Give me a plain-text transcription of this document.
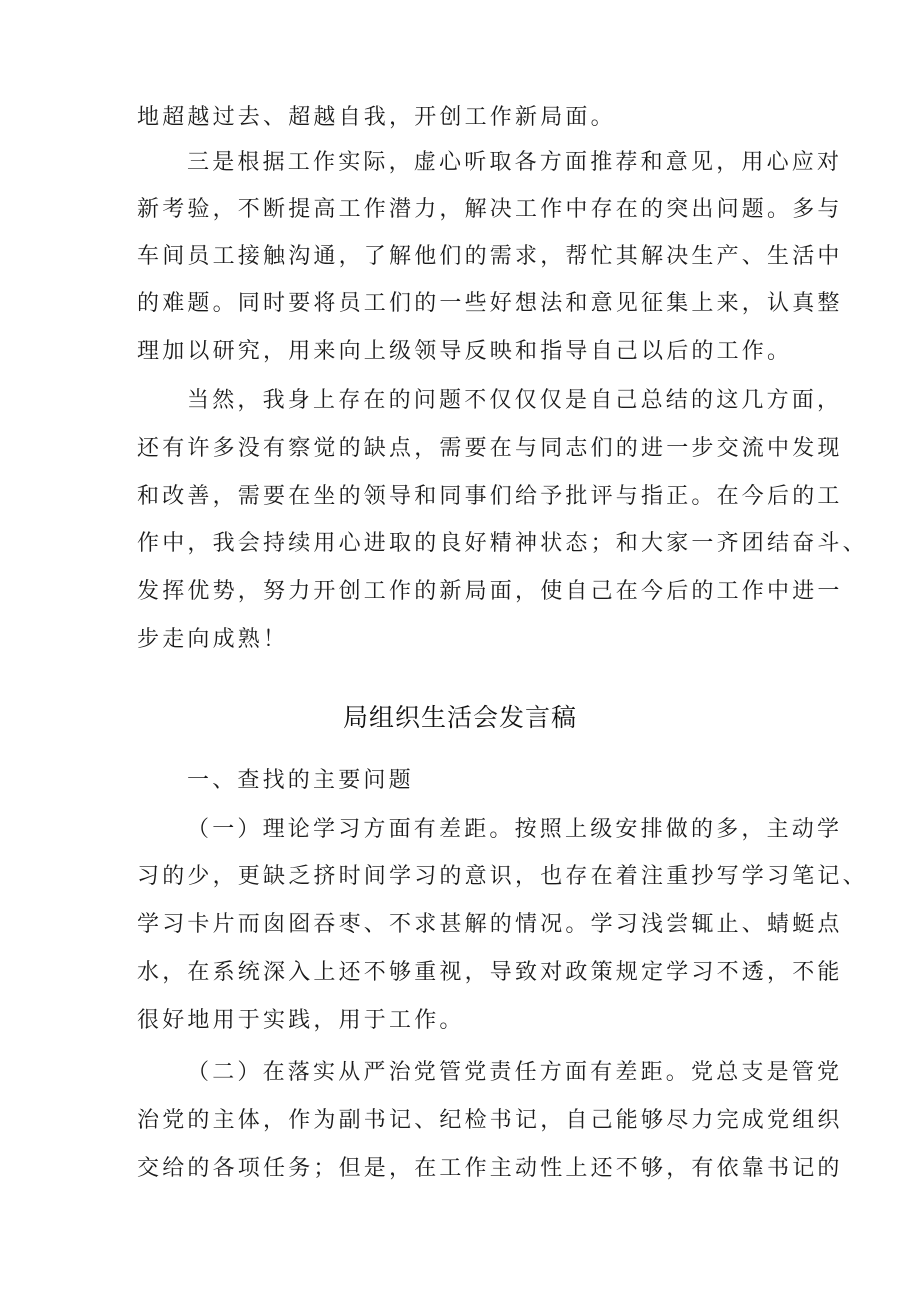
地超越过去、超越自我，开创工作新局面。
三是根据工作实际，虚心听取各方面推荐和意见，用心应对
新考验，不断提高工作潜力，解决工作中存在的突出问题。多与
车间员工接触沟通，了解他们的需求，帮忙其解决生产、生活中
的难题。同时要将员工们的一些好想法和意见征集上来，认真整
理加以研究，用来向上级领导反映和指导自己以后的工作。
当然，我身上存在的问题不仅仅仅是自己总结的这几方面，
还有许多没有察觉的缺点，需要在与同志们的进一步交流中发现
和改善，需要在坐的领导和同事们给予批评与指正。在今后的工
作中，我会持续用心进取的良好精神状态；和大家一齐团结奋斗、
发挥优势，努力开创工作的新局面，使自己在今后的工作中进一
步走向成熟！
局组织生活会发言稿
一、查找的主要问题
（一）理论学习方面有差距。按照上级安排做的多，主动学
习的少，更缺乏挤时间学习的意识，也存在着注重抄写学习笔记、
学习卡片而囱囵吞枣、不求甚解的情况。学习浅尝辄止、蜻蜓点
水，在系统深入上还不够重视，导致对政策规定学习不透，不能
很好地用于实践，用于工作。
（二）在落实从严治党管党责任方面有差距。党总支是管党
治党的主体，作为副书记、纪检书记，自己能够尽力完成党组织
交给的各项任务；但是，在工作主动性上还不够，有依靠书记的
